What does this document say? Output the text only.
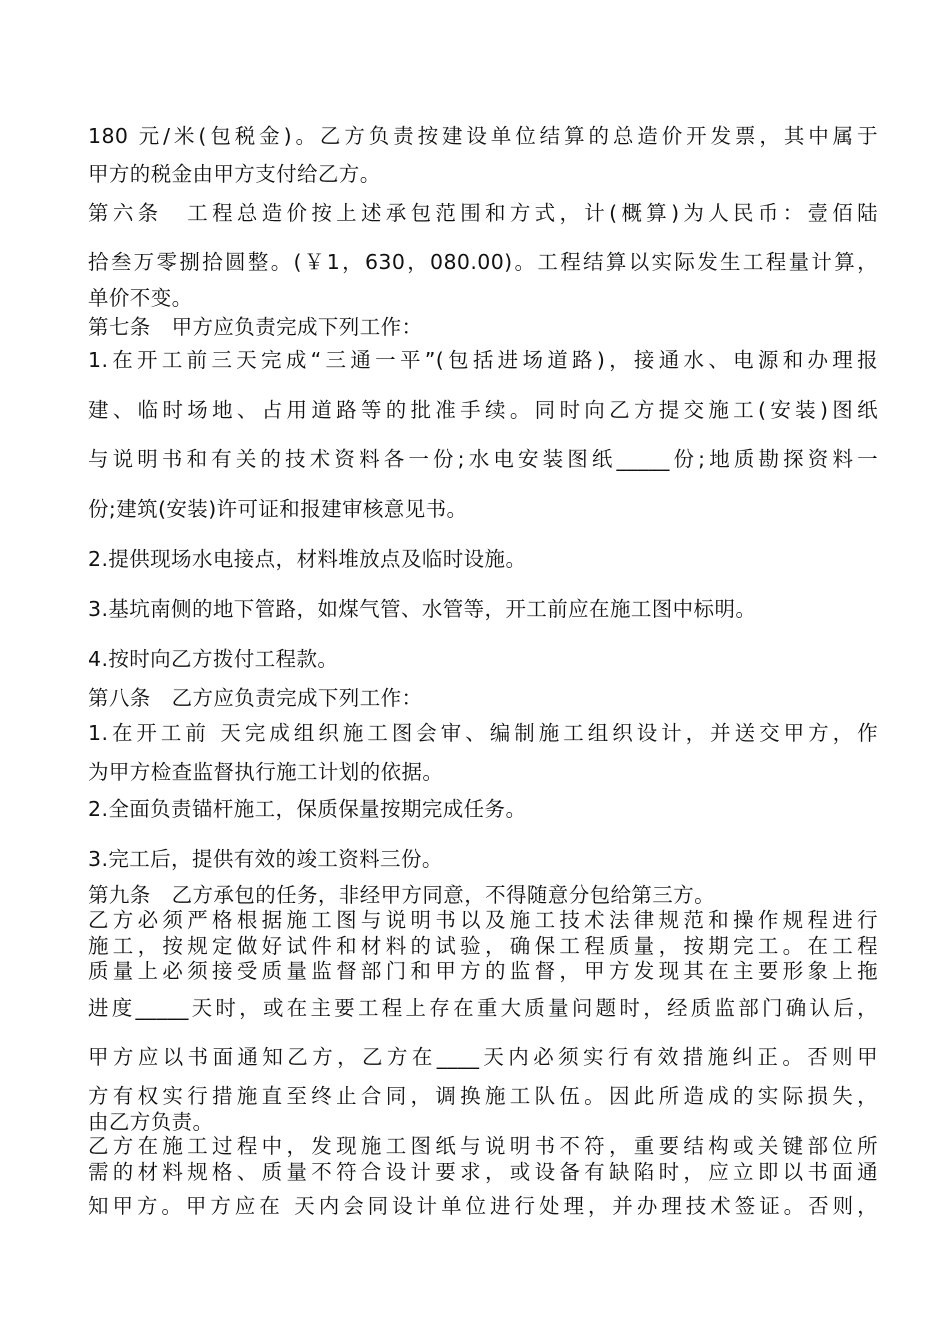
180 元/米(包税金)。乙方负责按建设单位结算的总造价开发票，其中属于
甲方的税金由甲方支付给乙方。
第六条　工程总造价按上述承包范围和方式，计(概算)为人民币：壹佰陆
拾叁万零捌拾圆整。(￥1，630，080.00)。工程结算以实际发生工程量计算，
单价不变。
第七条　甲方应负责完成下列工作：
1.在开工前三天完成“三通一平”(包括进场道路)，接通水、电源和办理报
建、临时场地、占用道路等的批准手续。同时向乙方提交施工(安装)图纸
与说明书和有关的技术资料各一份;水电安装图纸_____份;地质勘探资料一
份;建筑(安装)许可证和报建审核意见书。
2.提供现场水电接点，材料堆放点及临时设施。
3.基坑南侧的地下管路，如煤气管、水管等，开工前应在施工图中标明。
4.按时向乙方拨付工程款。
第八条　乙方应负责完成下列工作：
1.在开工前 天完成组织施工图会审、编制施工组织设计，并送交甲方，作
为甲方检查监督执行施工计划的依据。
2.全面负责锚杆施工，保质保量按期完成任务。
3.完工后，提供有效的竣工资料三份。
第九条　乙方承包的任务，非经甲方同意，不得随意分包给第三方。
乙方必须严格根据施工图与说明书以及施工技术法律规范和操作规程进行
施工，按规定做好试件和材料的试验，确保工程质量，按期完工。在工程
质量上必须接受质量监督部门和甲方的监督，甲方发现其在主要形象上拖
进度_____天时，或在主要工程上存在重大质量问题时，经质监部门确认后，
甲方应以书面通知乙方，乙方在____天内必须实行有效措施纠正。否则甲
方有权实行措施直至终止合同，调换施工队伍。因此所造成的实际损失，
由乙方负责。
乙方在施工过程中，发现施工图纸与说明书不符，重要结构或关键部位所
需的材料规格、质量不符合设计要求，或设备有缺陷时，应立即以书面通
知甲方。甲方应在 天内会同设计单位进行处理，并办理技术签证。否则，
